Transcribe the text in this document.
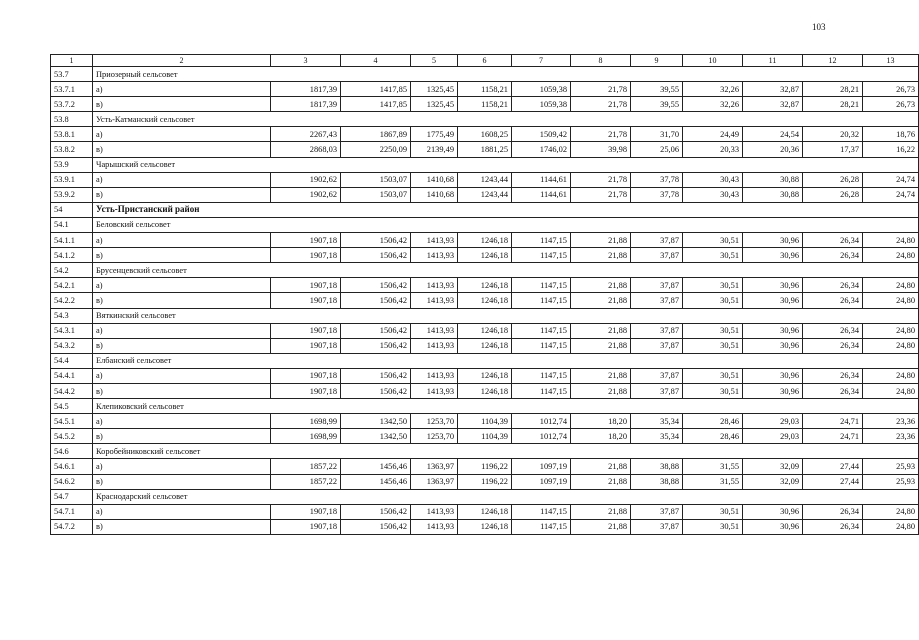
103
1	2	3	4	5	6	7	8	9	10	11	12	13
53.7	Приозерный сельсовет											
53.7.1	а)	1817,39	1417,85	1325,45	1158,21	1059,38	21,78	39,55	32,26	32,87	28,21	26,73
53.7.2	в)	1817,39	1417,85	1325,45	1158,21	1059,38	21,78	39,55	32,26	32,87	28,21	26,73
53.8	Усть-Катманский сельсовет											
53.8.1	а)	2267,43	1867,89	1775,49	1608,25	1509,42	21,78	31,70	24,49	24,54	20,32	18,76
53.8.2	в)	2868,03	2250,09	2139,49	1881,25	1746,02	39,98	25,06	20,33	20,36	17,37	16,22
53.9	Чарышский сельсовет											
53.9.1	а)	1902,62	1503,07	1410,68	1243,44	1144,61	21,78	37,78	30,43	30,88	26,28	24,74
53.9.2	в)	1902,62	1503,07	1410,68	1243,44	1144,61	21,78	37,78	30,43	30,88	26,28	24,74
54	Усть-Пристанский район											
54.1	Беловский сельсовет											
54.1.1	а)	1907,18	1506,42	1413,93	1246,18	1147,15	21,88	37,87	30,51	30,96	26,34	24,80
54.1.2	в)	1907,18	1506,42	1413,93	1246,18	1147,15	21,88	37,87	30,51	30,96	26,34	24,80
54.2	Брусенцевский сельсовет											
54.2.1	а)	1907,18	1506,42	1413,93	1246,18	1147,15	21,88	37,87	30,51	30,96	26,34	24,80
54.2.2	в)	1907,18	1506,42	1413,93	1246,18	1147,15	21,88	37,87	30,51	30,96	26,34	24,80
54.3	Вяткинский сельсовет											
54.3.1	а)	1907,18	1506,42	1413,93	1246,18	1147,15	21,88	37,87	30,51	30,96	26,34	24,80
54.3.2	в)	1907,18	1506,42	1413,93	1246,18	1147,15	21,88	37,87	30,51	30,96	26,34	24,80
54.4	Елбанский сельсовет											
54.4.1	а)	1907,18	1506,42	1413,93	1246,18	1147,15	21,88	37,87	30,51	30,96	26,34	24,80
54.4.2	в)	1907,18	1506,42	1413,93	1246,18	1147,15	21,88	37,87	30,51	30,96	26,34	24,80
54.5	Клепиковский сельсовет											
54.5.1	а)	1698,99	1342,50	1253,70	1104,39	1012,74	18,20	35,34	28,46	29,03	24,71	23,36
54.5.2	в)	1698,99	1342,50	1253,70	1104,39	1012,74	18,20	35,34	28,46	29,03	24,71	23,36
54.6	Коробейниковский сельсовет											
54.6.1	а)	1857,22	1456,46	1363,97	1196,22	1097,19	21,88	38,88	31,55	32,09	27,44	25,93
54.6.2	в)	1857,22	1456,46	1363,97	1196,22	1097,19	21,88	38,88	31,55	32,09	27,44	25,93
54.7	Краснодарский сельсовет											
54.7.1	а)	1907,18	1506,42	1413,93	1246,18	1147,15	21,88	37,87	30,51	30,96	26,34	24,80
54.7.2	в)	1907,18	1506,42	1413,93	1246,18	1147,15	21,88	37,87	30,51	30,96	26,34	24,80
